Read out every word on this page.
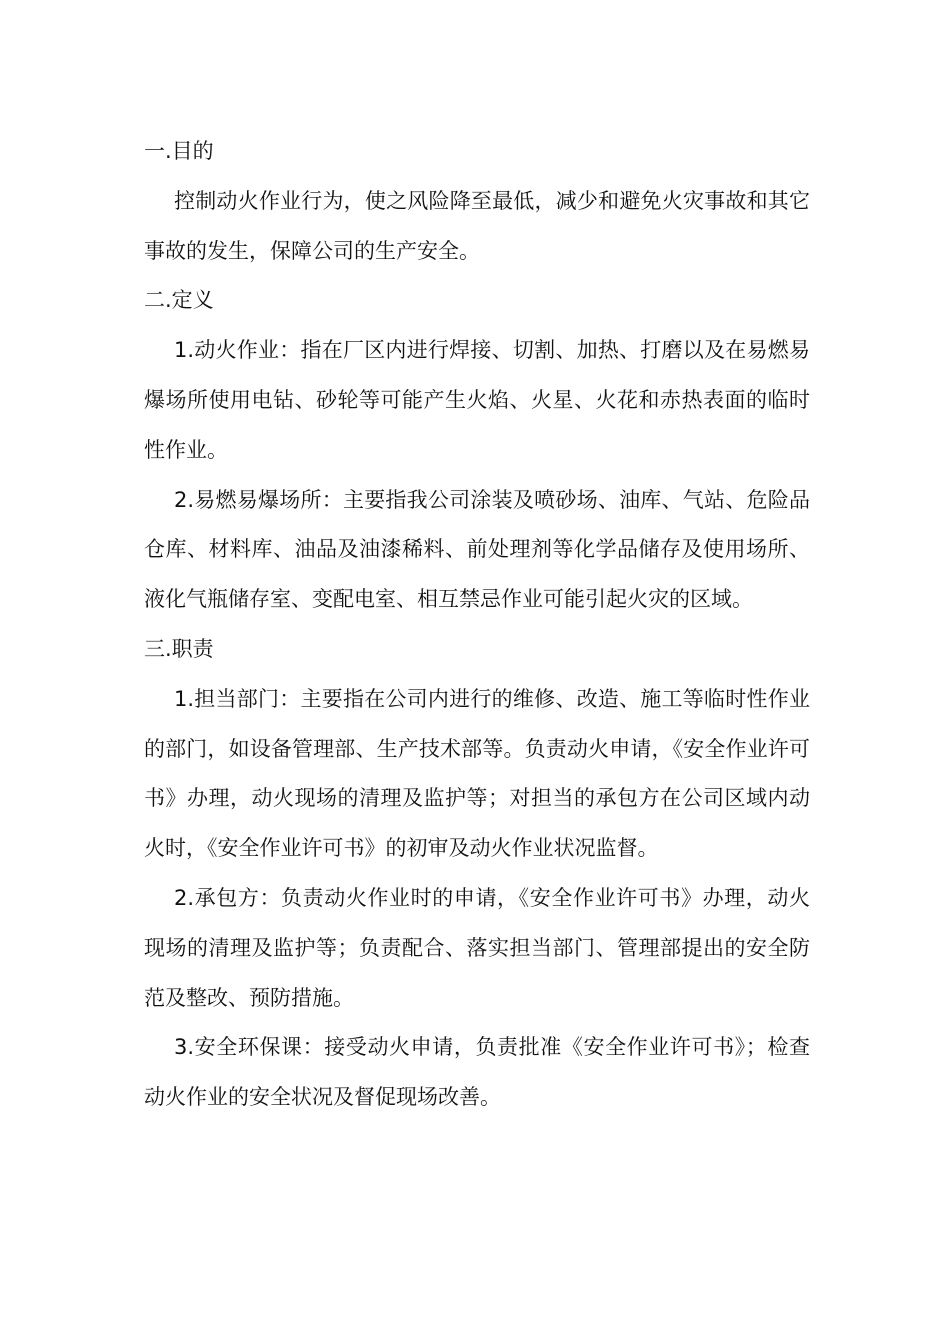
一.目的

控制动火作业行为，使之风险降至最低，减少和避免火灾事故和其它事故的发生，保障公司的生产安全。

二.定义

1.动火作业：指在厂区内进行焊接、切割、加热、打磨以及在易燃易爆场所使用电钻、砂轮等可能产生火焰、火星、火花和赤热表面的临时性作业。

2.易燃易爆场所：主要指我公司涂装及喷砂场、油库、气站、危险品仓库、材料库、油品及油漆稀料、前处理剂等化学品储存及使用场所、液化气瓶储存室、变配电室、相互禁忌作业可能引起火灾的区域。

三.职责

1.担当部门：主要指在公司内进行的维修、改造、施工等临时性作业的部门，如设备管理部、生产技术部等。负责动火申请，《安全作业许可书》办理，动火现场的清理及监护等；对担当的承包方在公司区域内动火时，《安全作业许可书》的初审及动火作业状况监督。

2.承包方：负责动火作业时的申请，《安全作业许可书》办理，动火现场的清理及监护等；负责配合、落实担当部门、管理部提出的安全防范及整改、预防措施。

3.安全环保课：接受动火申请，负责批准《安全作业许可书》；检查动火作业的安全状况及督促现场改善。
